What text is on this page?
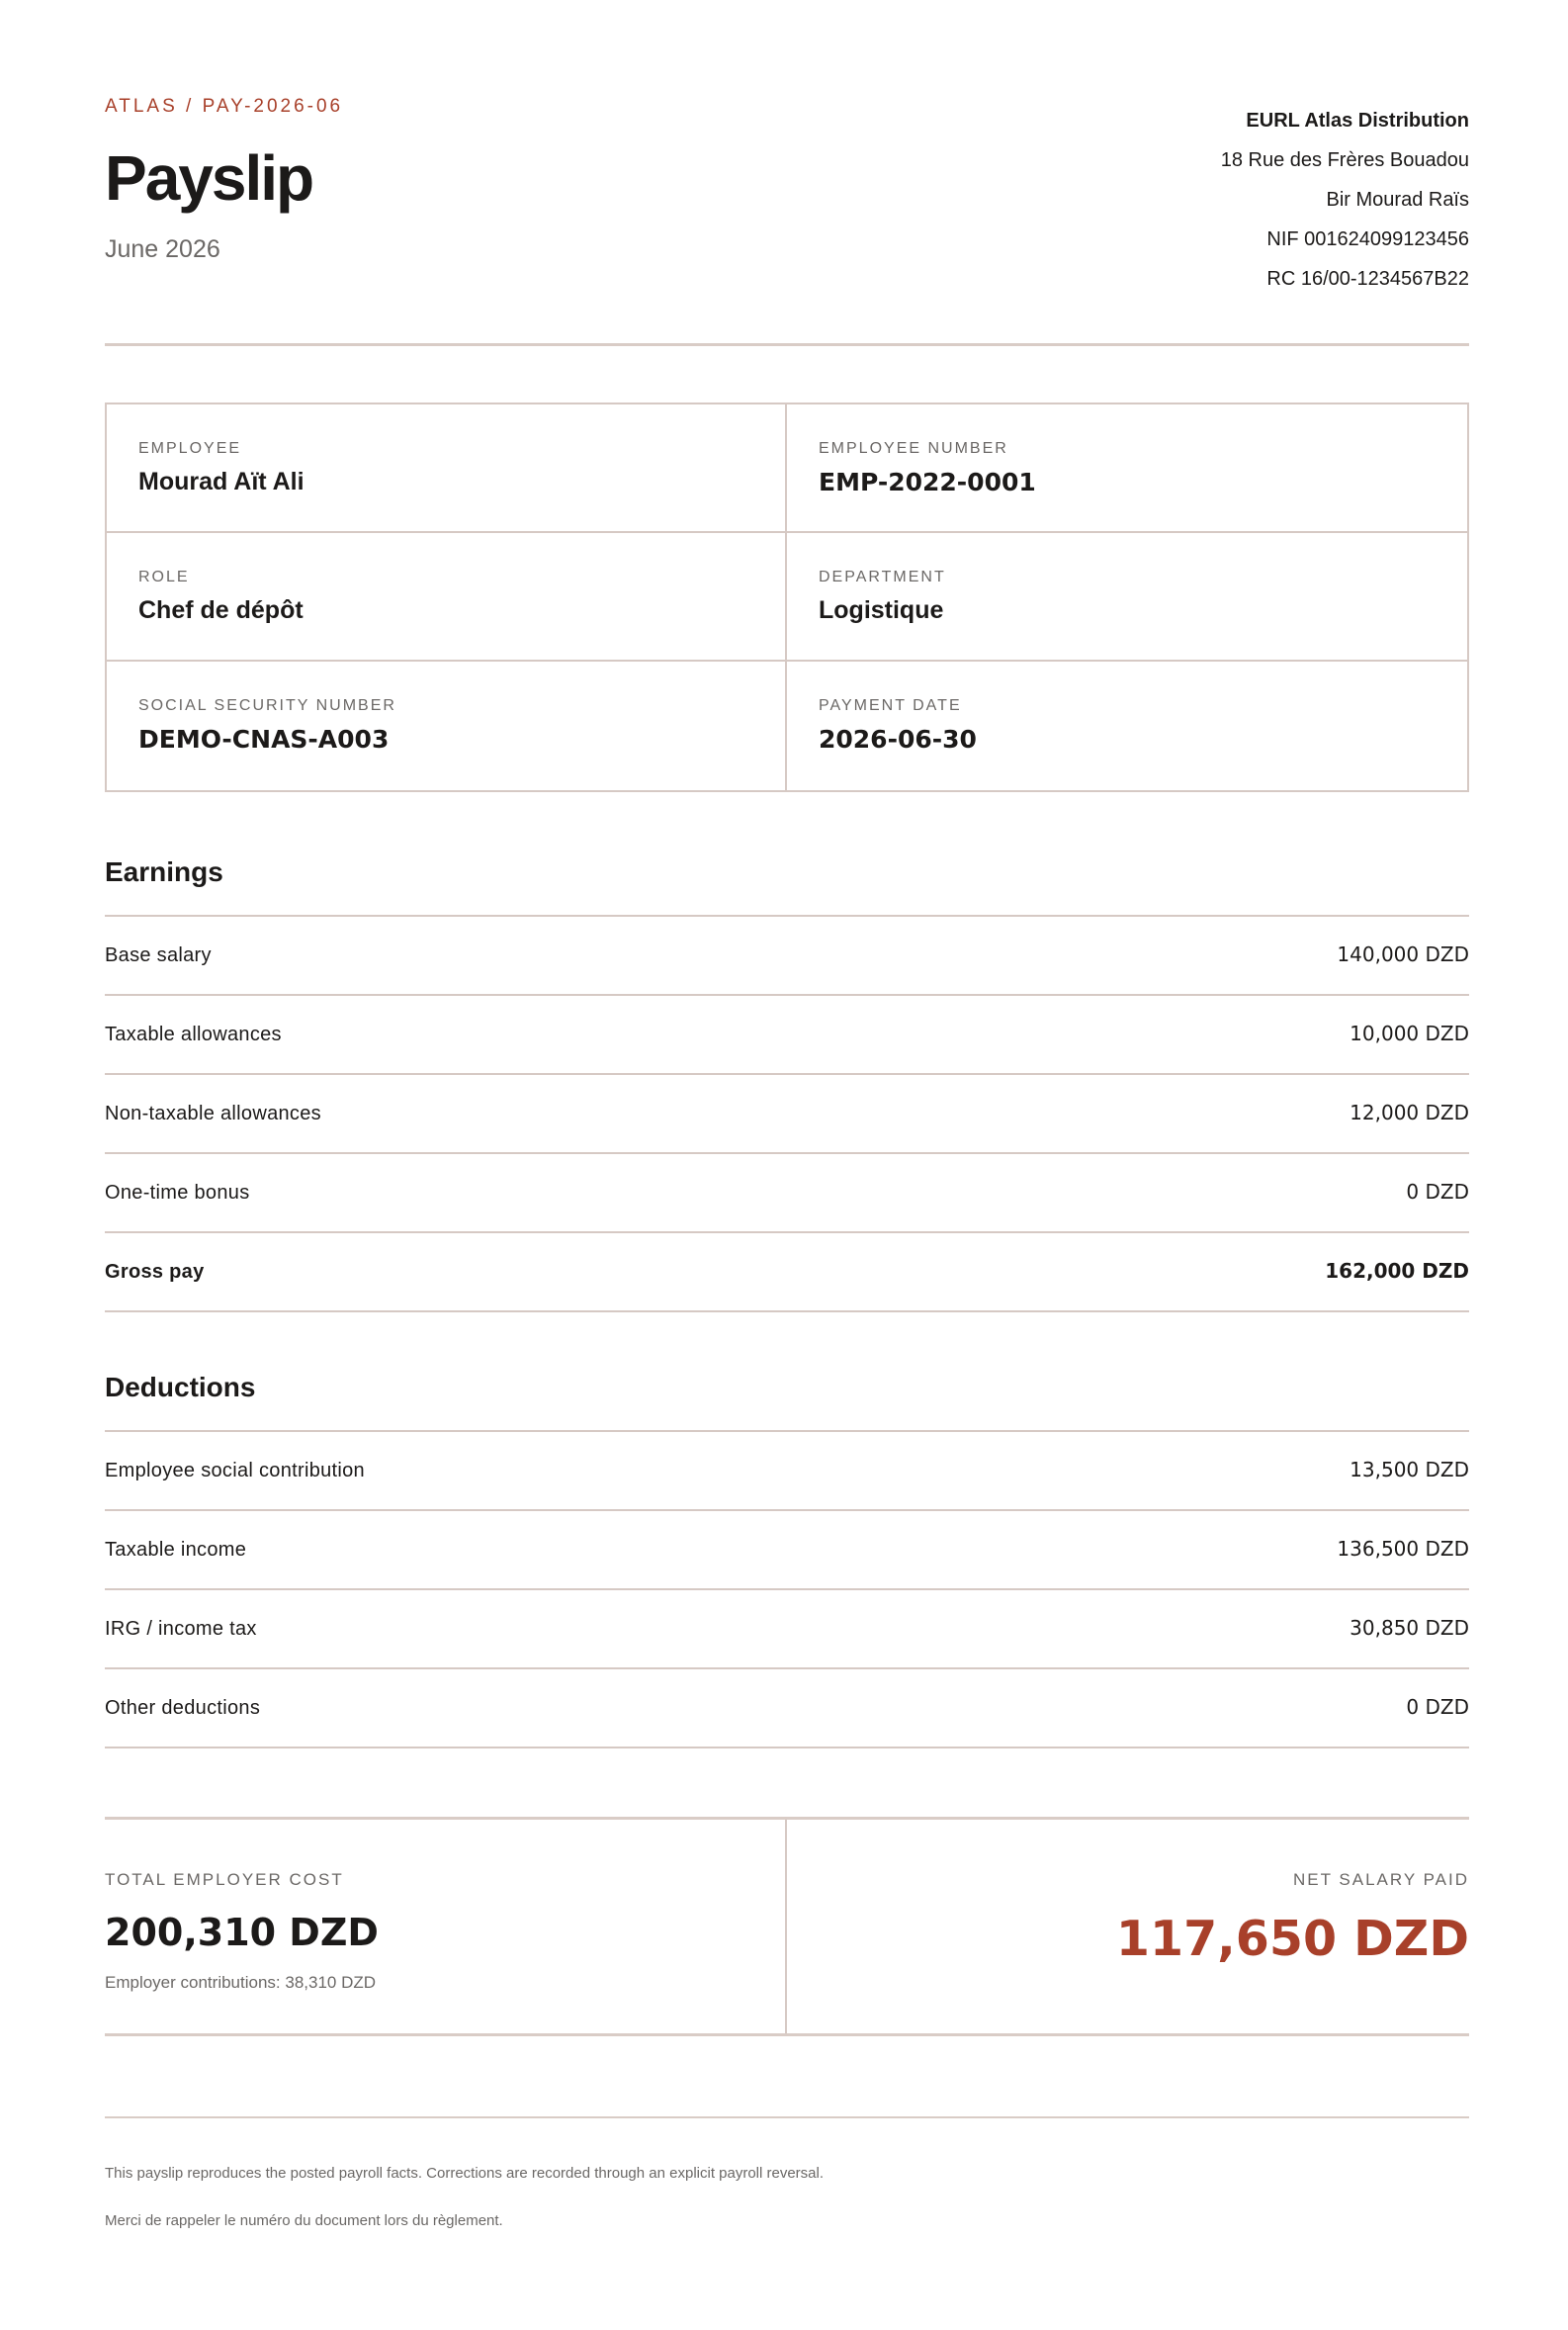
ATLAS / PAY-2026-06
Payslip
June 2026
EURL Atlas Distribution
18 Rue des Frères Bouadou
Bir Mourad Raïs
NIF 001624099123456
RC 16/00-1234567B22
EMPLOYEE
Mourad Aït Ali
EMPLOYEE NUMBER
EMP-2022-0001
ROLE
Chef de dépôt
DEPARTMENT
Logistique
SOCIAL SECURITY NUMBER
DEMO-CNAS-A003
PAYMENT DATE
2026-06-30
Earnings
Base salary	140,000 DZD
Taxable allowances	10,000 DZD
Non-taxable allowances	12,000 DZD
One-time bonus	0 DZD
Gross pay	162,000 DZD
Deductions
Employee social contribution	13,500 DZD
Taxable income	136,500 DZD
IRG / income tax	30,850 DZD
Other deductions	0 DZD
TOTAL EMPLOYER COST
200,310 DZD
Employer contributions: 38,310 DZD
NET SALARY PAID
117,650 DZD
This payslip reproduces the posted payroll facts. Corrections are recorded through an explicit payroll reversal.
Merci de rappeler le numéro du document lors du règlement.
